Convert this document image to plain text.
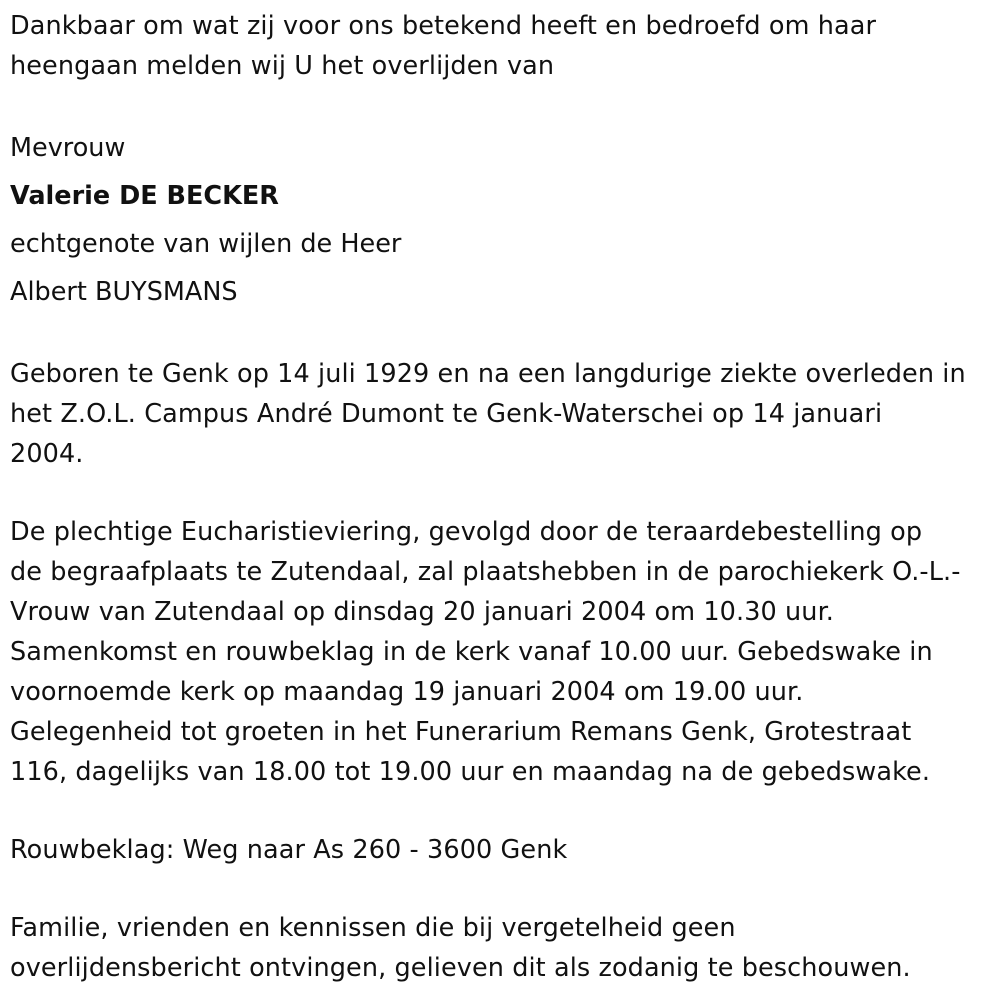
Dankbaar om wat zij voor ons betekend heeft en bedroefd om haar
heengaan melden wij U het overlijden van
Mevrouw
Valerie DE BECKER
echtgenote van wijlen de Heer
Albert BUYSMANS
Geboren te Genk op 14 juli 1929 en na een langdurige ziekte overleden in
het Z.O.L. Campus André Dumont te Genk-Waterschei op 14 januari
2004.
De plechtige Eucharistieviering, gevolgd door de teraardebestelling op
de begraafplaats te Zutendaal, zal plaatshebben in de parochiekerk O.-L.-
Vrouw van Zutendaal op dinsdag 20 januari 2004 om 10.30 uur.
Samenkomst en rouwbeklag in de kerk vanaf 10.00 uur. Gebedswake in
voornoemde kerk op maandag 19 januari 2004 om 19.00 uur.
Gelegenheid tot groeten in het Funerarium Remans Genk, Grotestraat
116, dagelijks van 18.00 tot 19.00 uur en maandag na de gebedswake.
Rouwbeklag: Weg naar As 260 - 3600 Genk
Familie, vrienden en kennissen die bij vergetelheid geen
overlijdensbericht ontvingen, gelieven dit als zodanig te beschouwen.
